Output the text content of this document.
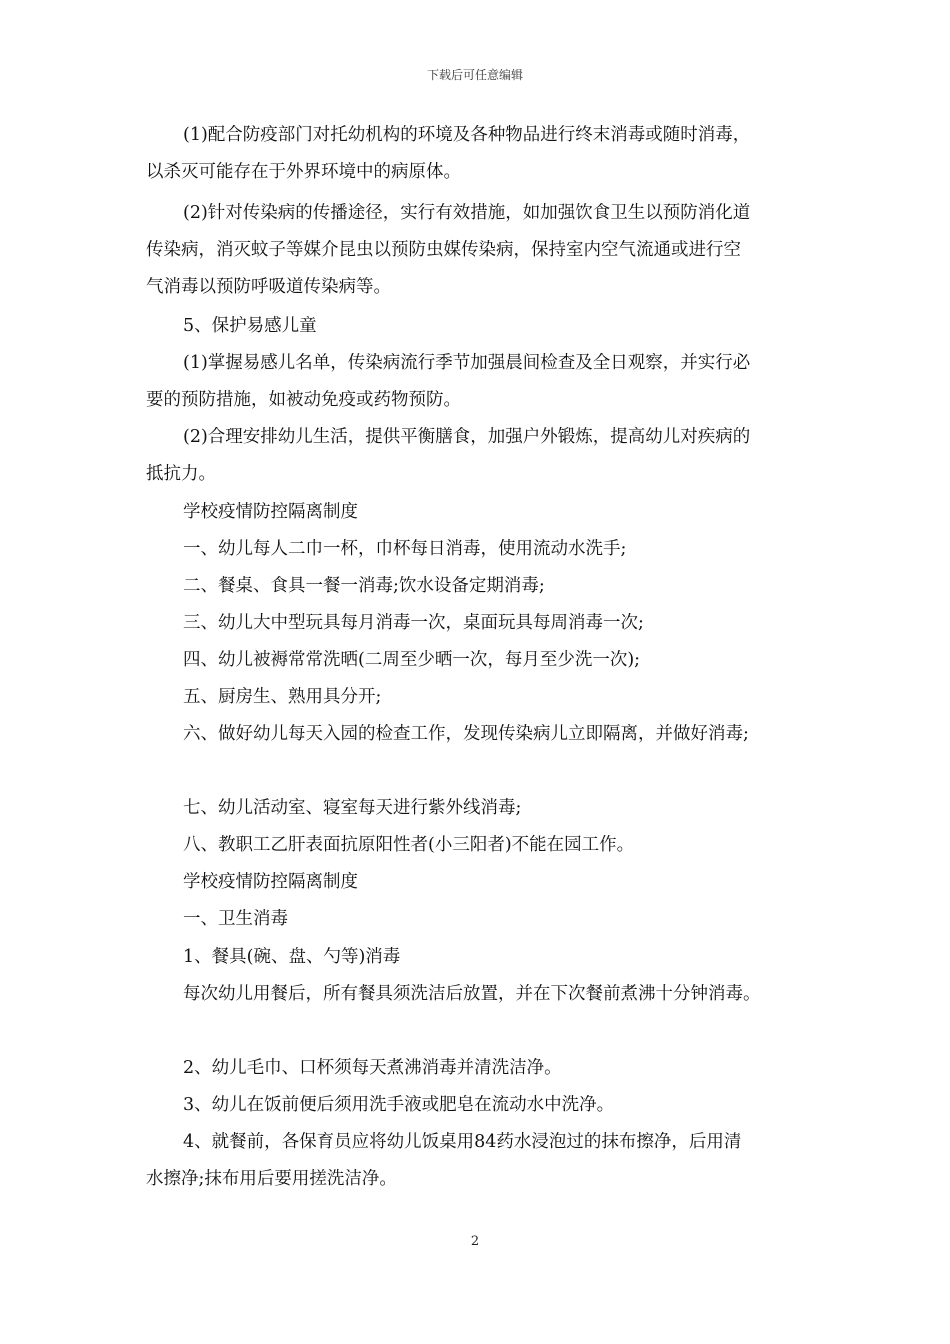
下载后可任意编辑
(1)配合防疫部门对托幼机构的环境及各种物品进行终末消毒或随时消毒，
以杀灭可能存在于外界环境中的病原体。
(2)针对传染病的传播途径，实行有效措施，如加强饮食卫生以预防消化道
传染病，消灭蚊子等媒介昆虫以预防虫媒传染病，保持室内空气流通或进行空
气消毒以预防呼吸道传染病等。
5、保护易感儿童
(1)掌握易感儿名单，传染病流行季节加强晨间检查及全日观察，并实行必
要的预防措施，如被动免疫或药物预防。
(2)合理安排幼儿生活，提供平衡膳食，加强户外锻炼，提高幼儿对疾病的
抵抗力。
学校疫情防控隔离制度
一、幼儿每人二巾一杯，巾杯每日消毒，使用流动水洗手;
二、餐桌、食具一餐一消毒;饮水设备定期消毒;
三、幼儿大中型玩具每月消毒一次，桌面玩具每周消毒一次;
四、幼儿被褥常常洗晒(二周至少晒一次，每月至少洗一次);
五、厨房生、熟用具分开;
六、做好幼儿每天入园的检查工作，发现传染病儿立即隔离，并做好消毒;
七、幼儿活动室、寝室每天进行紫外线消毒;
八、教职工乙肝表面抗原阳性者(小三阳者)不能在园工作。
学校疫情防控隔离制度
一、卫生消毒
1、餐具(碗、盘、勺等)消毒
每次幼儿用餐后，所有餐具须洗洁后放置，并在下次餐前煮沸十分钟消毒。
2、幼儿毛巾、口杯须每天煮沸消毒并清洗洁净。
3、幼儿在饭前便后须用洗手液或肥皂在流动水中洗净。
4、就餐前，各保育员应将幼儿饭桌用84药水浸泡过的抹布擦净，后用清
水擦净;抹布用后要用搓洗洁净。
2
